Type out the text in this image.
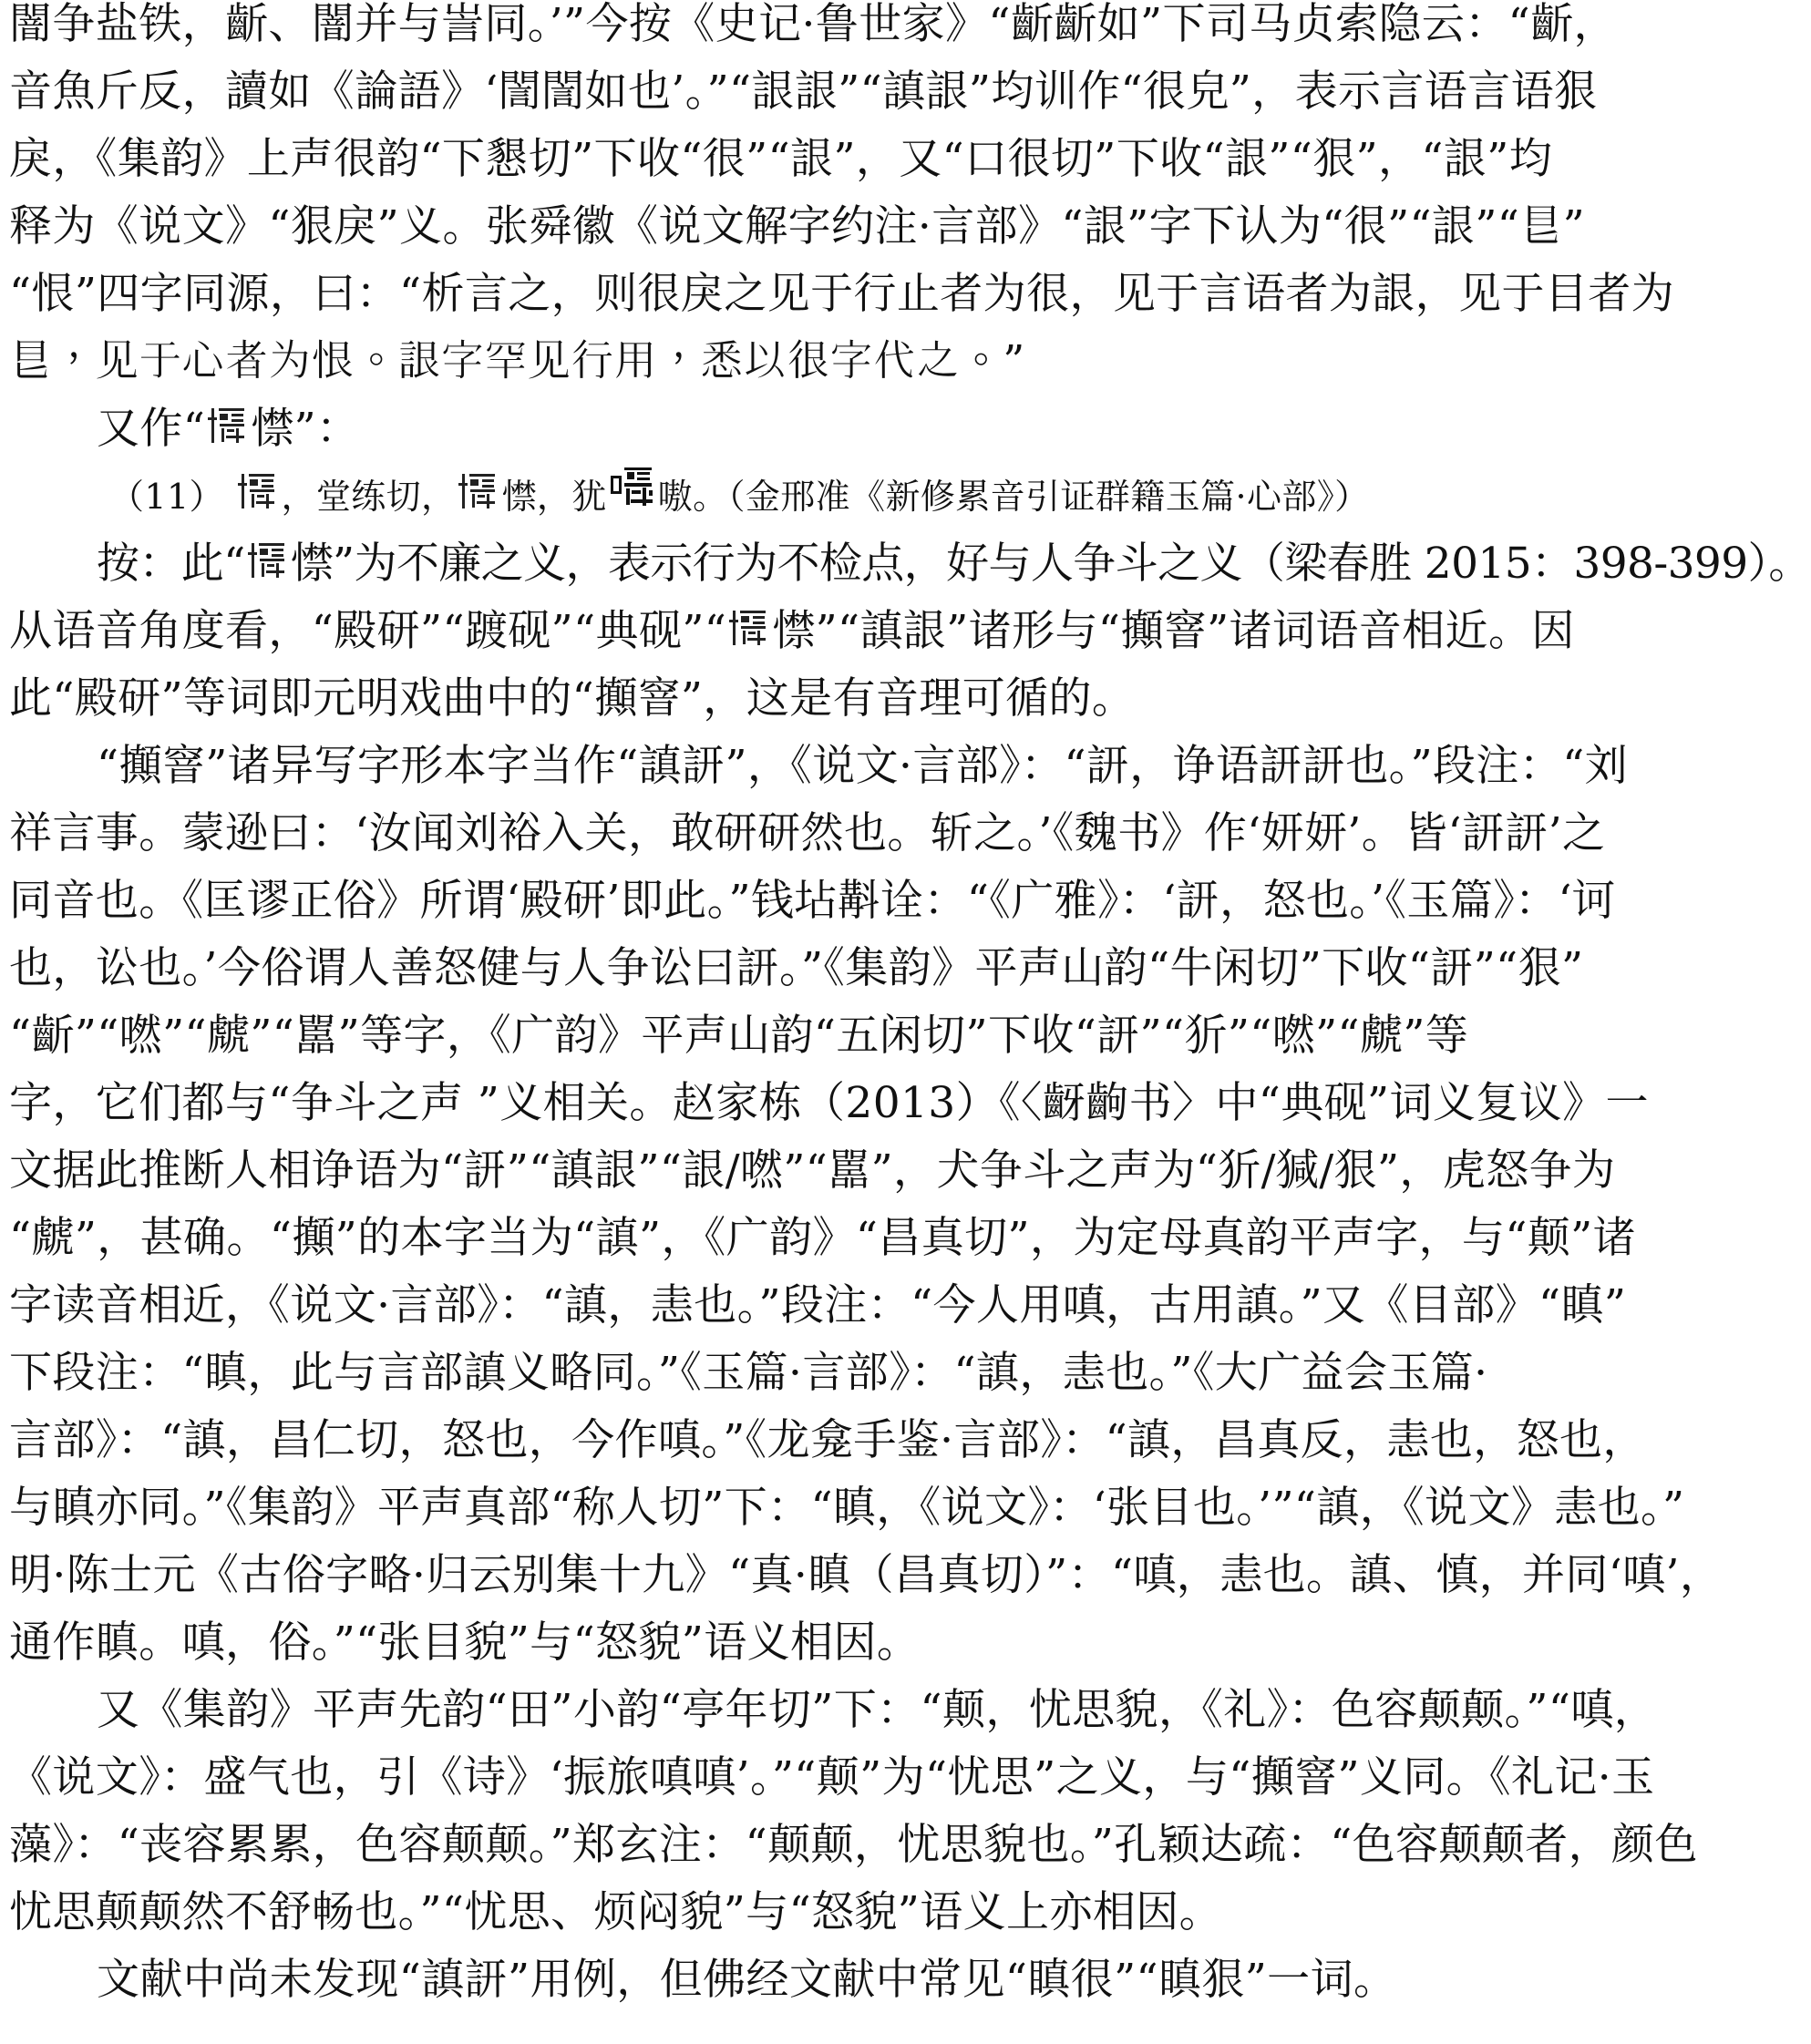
闇争盐铁，齗、闇并与訔同。’”今按《史记·鲁世家》“齗齗如”下司马贞索隐云：“齗，
音魚斤反，讀如《論語》‘誾誾如也’。”“詪詪”“謓詪”均训作“很皃”，表示言语言语狠
戾，《集韵》上声很韵“下懇切”下收“很”“詪”，又“口很切”下收“詪”“狠”，“詪”均
释为《说文》“狠戾”义。张舜徽《说文解字约注·言部》“詪”字下认为“很”“詪”“𥃩”
“恨”四字同源，曰：“析言之，则很戾之见于行止者为很，见于言语者为詪，见于目者为
𥃩，见于心者为恨。詪字罕见行用，悉以很字代之。”
又作“ 㦗”：
（11） ，堂练切， 㦗，犹 嗷。（金邢准《新修累音引证群籍玉篇·心部》）
按：此“ 㦗”为不廉之义，表示行为不检点，好与人争斗之义（梁春胜 2015：398-399）。
从语音角度看，“殿研”“踱砚”“典砚”“ 㦗”“謓詪”诸形与“攧窨”诸词语音相近。因
此“殿研”等词即元明戏曲中的“攧窨”，这是有音理可循的。
“攧窨”诸异写字形本字当作“謓訮”，《说文·言部》：“訮，诤语訮訮也。”段注：“刘
祥言事。蒙逊曰：‘汝闻刘裕入关，敢研研然也。斩之。’《魏书》作‘妍妍’。皆‘訮訮’之
同音也。《匡谬正俗》所谓‘殿研’即此。”钱坫斠诠：“《广雅》：‘訮，怒也。’《玉篇》：‘诃
也，讼也。’今俗谓人善怒健与人争讼曰訮。”《集韵》平声山韵“牛闲切”下收“訮”“狠”
“齗”“嘫”“虤”“嚚”等字，《广韵》平声山韵“五闲切”下收“訮”“㹞”“嘫”“虤”等
字，它们都与“争斗之声 ”义相关。赵家栋（2013）《〈齖齣书〉中“典砚”词义复议》一
文据此推断人相诤语为“訮”“謓詪”“詪/嘫”“嚚”，犬争斗之声为“㹞/㺂/狠”，虎怒争为
“虤”，甚确。“攧”的本字当为“謓”，《广韵》“昌真切”，为定母真韵平声字，与“颠”诸
字读音相近，《说文·言部》：“謓，恚也。”段注：“今人用嗔，古用謓。”又《目部》“瞋”
下段注：“瞋，此与言部謓义略同。”《玉篇·言部》：“謓，恚也。”《大广益会玉篇·
言部》：“謓，昌仁切，怒也，今作嗔。”《龙龛手鉴·言部》：“謓，昌真反，恚也，怒也，
与瞋亦同。”《集韵》平声真部“称人切”下：“瞋，《说文》：‘张目也。’”“謓，《说文》恚也。”
明·陈士元《古俗字略·归云别集十九》“真·瞋（昌真切）”：“嗔，恚也。謓、慎，并同‘嗔’，
通作瞋。嗔，俗。”“张目貌”与“怒貌”语义相因。
又《集韵》平声先韵“田”小韵“亭年切”下：“颠，忧思貌，《礼》：色容颠颠。”“嗔，
《说文》：盛气也，引《诗》‘振旅嗔嗔’。”“颠”为“忧思”之义，与“攧窨”义同。《礼记·玉
藻》：“丧容累累，色容颠颠。”郑玄注：“颠颠，忧思貌也。”孔颖达疏：“色容颠颠者，颜色
忧思颠颠然不舒畅也。”“忧思、烦闷貌”与“怒貌”语义上亦相因。
文献中尚未发现“謓訮”用例，但佛经文献中常见“瞋很”“瞋狠”一词。
